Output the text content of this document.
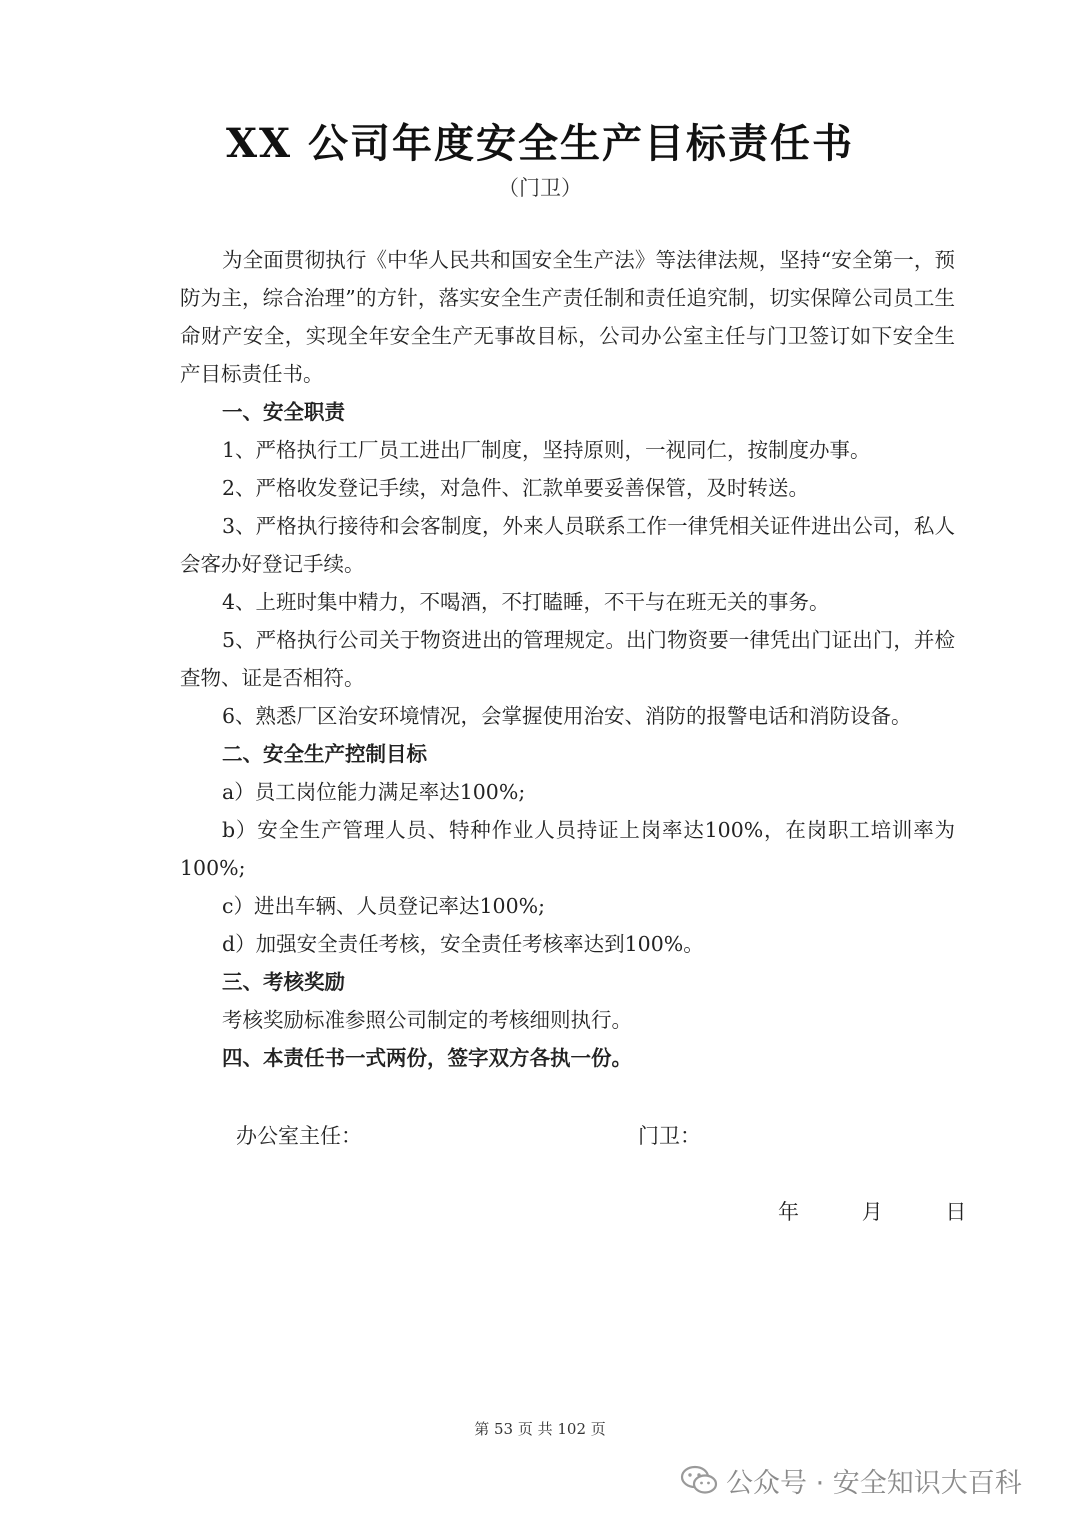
XX 公司年度安全生产目标责任书
（门卫）

为全面贯彻执行《中华人民共和国安全生产法》等法律法规，坚持“安全第一，预防为主，综合治理”的方针，落实安全生产责任制和责任追究制，切实保障公司员工生命财产安全，实现全年安全生产无事故目标，公司办公室主任与门卫签订如下安全生产目标责任书。

一、安全职责

1、严格执行工厂员工进出厂制度，坚持原则，一视同仁，按制度办事。

2、严格收发登记手续，对急件、汇款单要妥善保管，及时转送。

3、严格执行接待和会客制度，外来人员联系工作一律凭相关证件进出公司，私人会客办好登记手续。

4、上班时集中精力，不喝酒，不打瞌睡，不干与在班无关的事务。

5、严格执行公司关于物资进出的管理规定。出门物资要一律凭出门证出门，并检查物、证是否相符。

6、熟悉厂区治安环境情况，会掌握使用治安、消防的报警电话和消防设备。

二、安全生产控制目标

a）员工岗位能力满足率达100%;

b）安全生产管理人员、特种作业人员持证上岗率达100%，在岗职工培训率为100%;

c）进出车辆、人员登记率达100%;

d）加强安全责任考核，安全责任考核率达到100%。

三、考核奖励

考核奖励标准参照公司制定的考核细则执行。

四、本责任书一式两份，签字双方各执一份。

办公室主任：	门卫：
年	月	日
第 53 页 共 102 页
公众号 · 安全知识大百科
